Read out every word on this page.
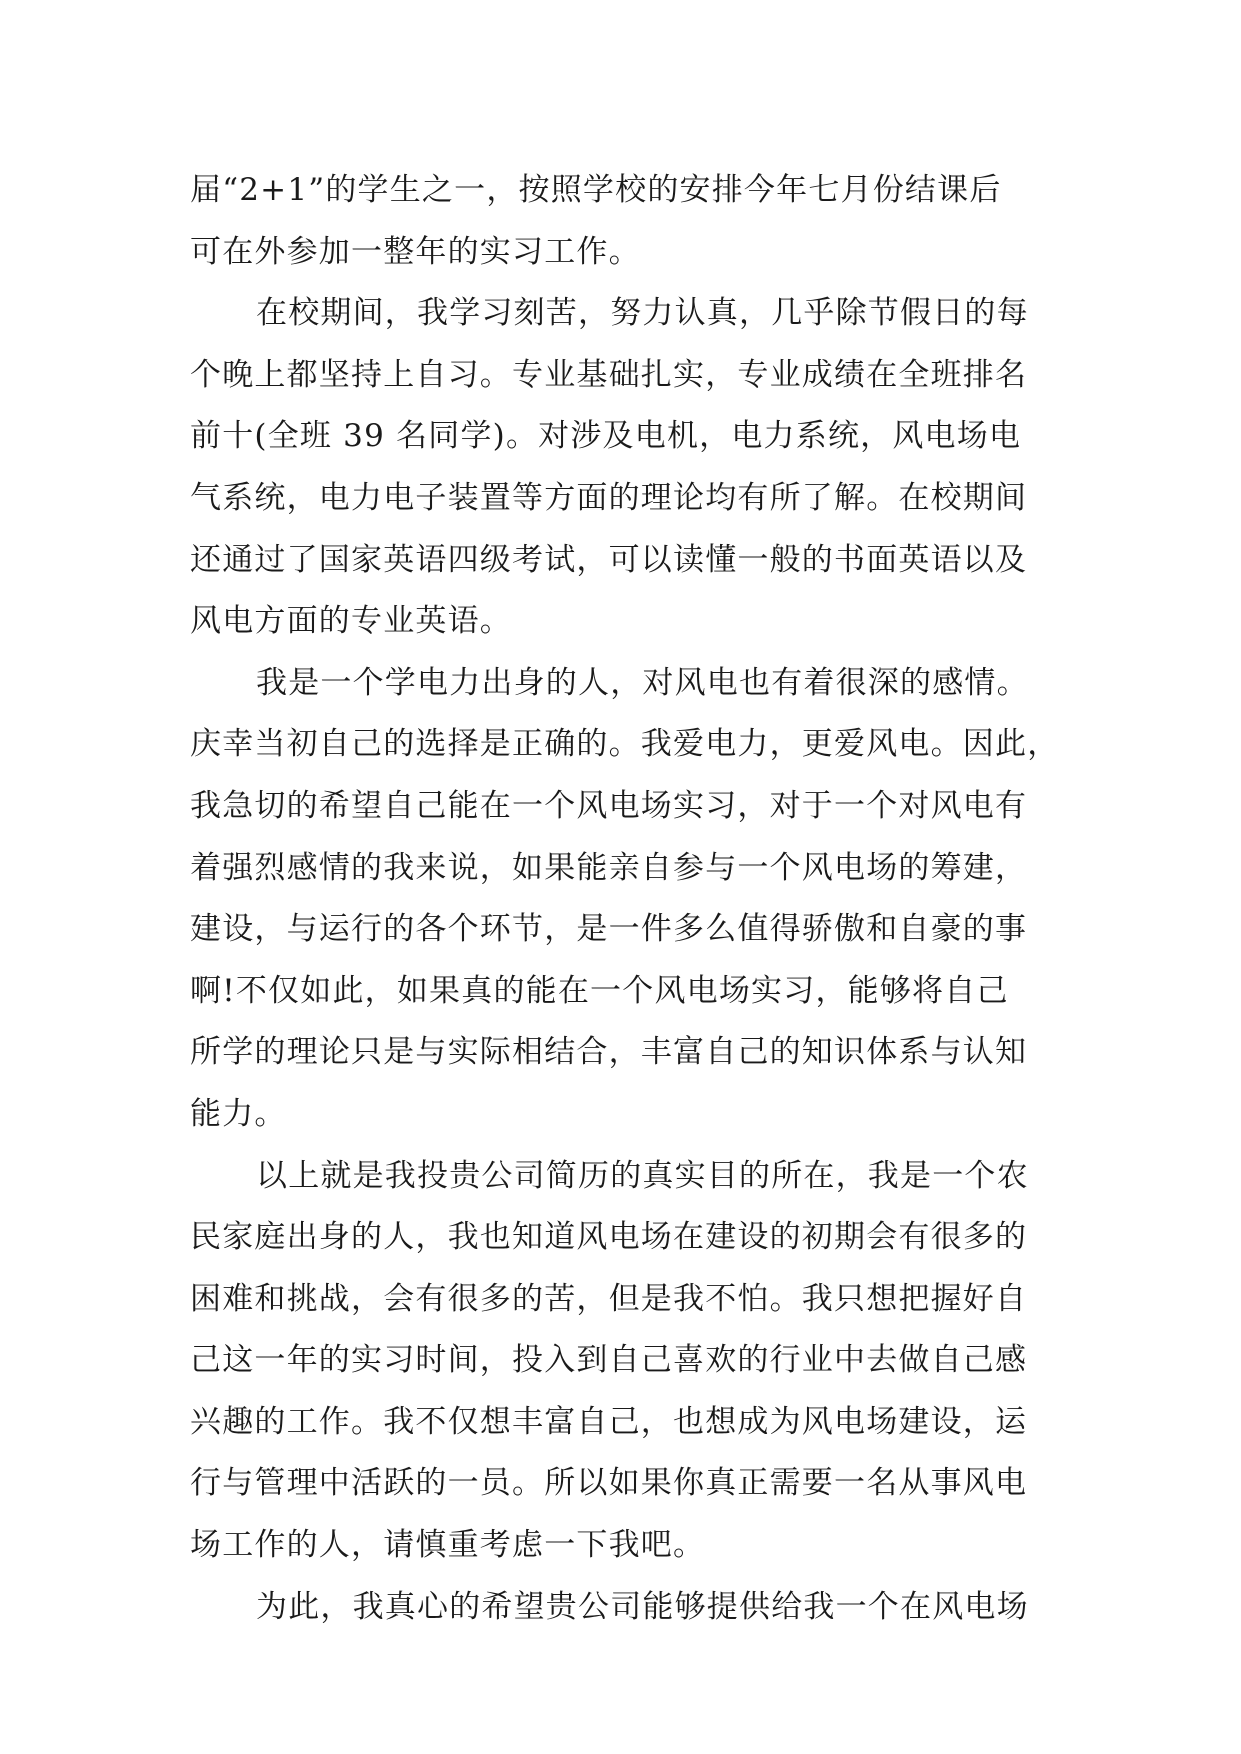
届“2+1”的学生之一，按照学校的安排今年七月份结课后
可在外参加一整年的实习工作。
在校期间，我学习刻苦，努力认真，几乎除节假日的每
个晚上都坚持上自习。专业基础扎实，专业成绩在全班排名
前十(全班 39 名同学)。对涉及电机，电力系统，风电场电
气系统，电力电子装置等方面的理论均有所了解。在校期间
还通过了国家英语四级考试，可以读懂一般的书面英语以及
风电方面的专业英语。
我是一个学电力出身的人，对风电也有着很深的感情。
庆幸当初自己的选择是正确的。我爱电力，更爱风电。因此，
我急切的希望自己能在一个风电场实习，对于一个对风电有
着强烈感情的我来说，如果能亲自参与一个风电场的筹建，
建设，与运行的各个环节，是一件多么值得骄傲和自豪的事
啊!不仅如此，如果真的能在一个风电场实习，能够将自己
所学的理论只是与实际相结合，丰富自己的知识体系与认知
能力。
以上就是我投贵公司简历的真实目的所在，我是一个农
民家庭出身的人，我也知道风电场在建设的初期会有很多的
困难和挑战，会有很多的苦，但是我不怕。我只想把握好自
己这一年的实习时间，投入到自己喜欢的行业中去做自己感
兴趣的工作。我不仅想丰富自己，也想成为风电场建设，运
行与管理中活跃的一员。所以如果你真正需要一名从事风电
场工作的人，请慎重考虑一下我吧。
为此，我真心的希望贵公司能够提供给我一个在风电场
